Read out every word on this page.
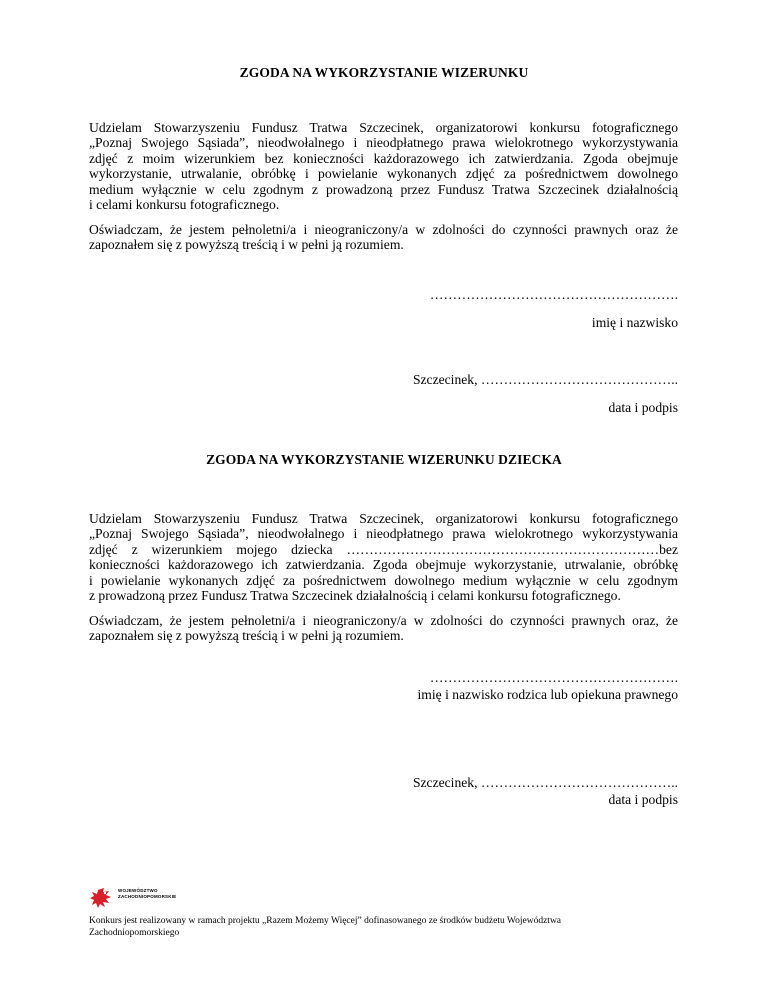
ZGODA NA WYKORZYSTANIE WIZERUNKU
Udzielam Stowarzyszeniu Fundusz Tratwa Szczecinek, organizatorowi konkursu fotograficznego
„Poznaj Swojego Sąsiada”, nieodwołalnego i nieodpłatnego prawa wielokrotnego wykorzystywania
zdjęć z moim wizerunkiem bez konieczności każdorazowego ich zatwierdzania. Zgoda obejmuje
wykorzystanie, utrwalanie, obróbkę i powielanie wykonanych zdjęć za pośrednictwem dowolnego
medium wyłącznie w celu zgodnym z prowadzoną przez Fundusz Tratwa Szczecinek działalnością
i celami konkursu fotograficznego.
Oświadczam, że jestem pełnoletni/a i nieograniczony/a w zdolności do czynności prawnych oraz że
zapoznałem się z powyższą treścią i w pełni ją rozumiem.
……………………………………………….
imię i nazwisko
Szczecinek, ……………………………………..
data i podpis
ZGODA NA WYKORZYSTANIE WIZERUNKU DZIECKA
Udzielam Stowarzyszeniu Fundusz Tratwa Szczecinek, organizatorowi konkursu fotograficznego
„Poznaj Swojego Sąsiada”, nieodwołalnego i nieodpłatnego prawa wielokrotnego wykorzystywania
zdjęć z wizerunkiem mojego dziecka ……………………………………………………………bez
konieczności każdorazowego ich zatwierdzania. Zgoda obejmuje wykorzystanie, utrwalanie, obróbkę
i powielanie wykonanych zdjęć za pośrednictwem dowolnego medium wyłącznie w celu zgodnym
z prowadzoną przez Fundusz Tratwa Szczecinek działalnością i celami konkursu fotograficznego.
Oświadczam, że jestem pełnoletni/a i nieograniczony/a w zdolności do czynności prawnych oraz, że
zapoznałem się z powyższą treścią i w pełni ją rozumiem.
……………………………………………….
imię i nazwisko rodzica lub opiekuna prawnego
Szczecinek, ……………………………………..
data i podpis
WOJEWÓDZTWO
ZACHODNIOPOMORSKIE
Konkurs jest realizowany w ramach projektu „Razem Możemy Więcej” dofinasowanego ze środków budżetu Województwa
Zachodniopomorskiego
